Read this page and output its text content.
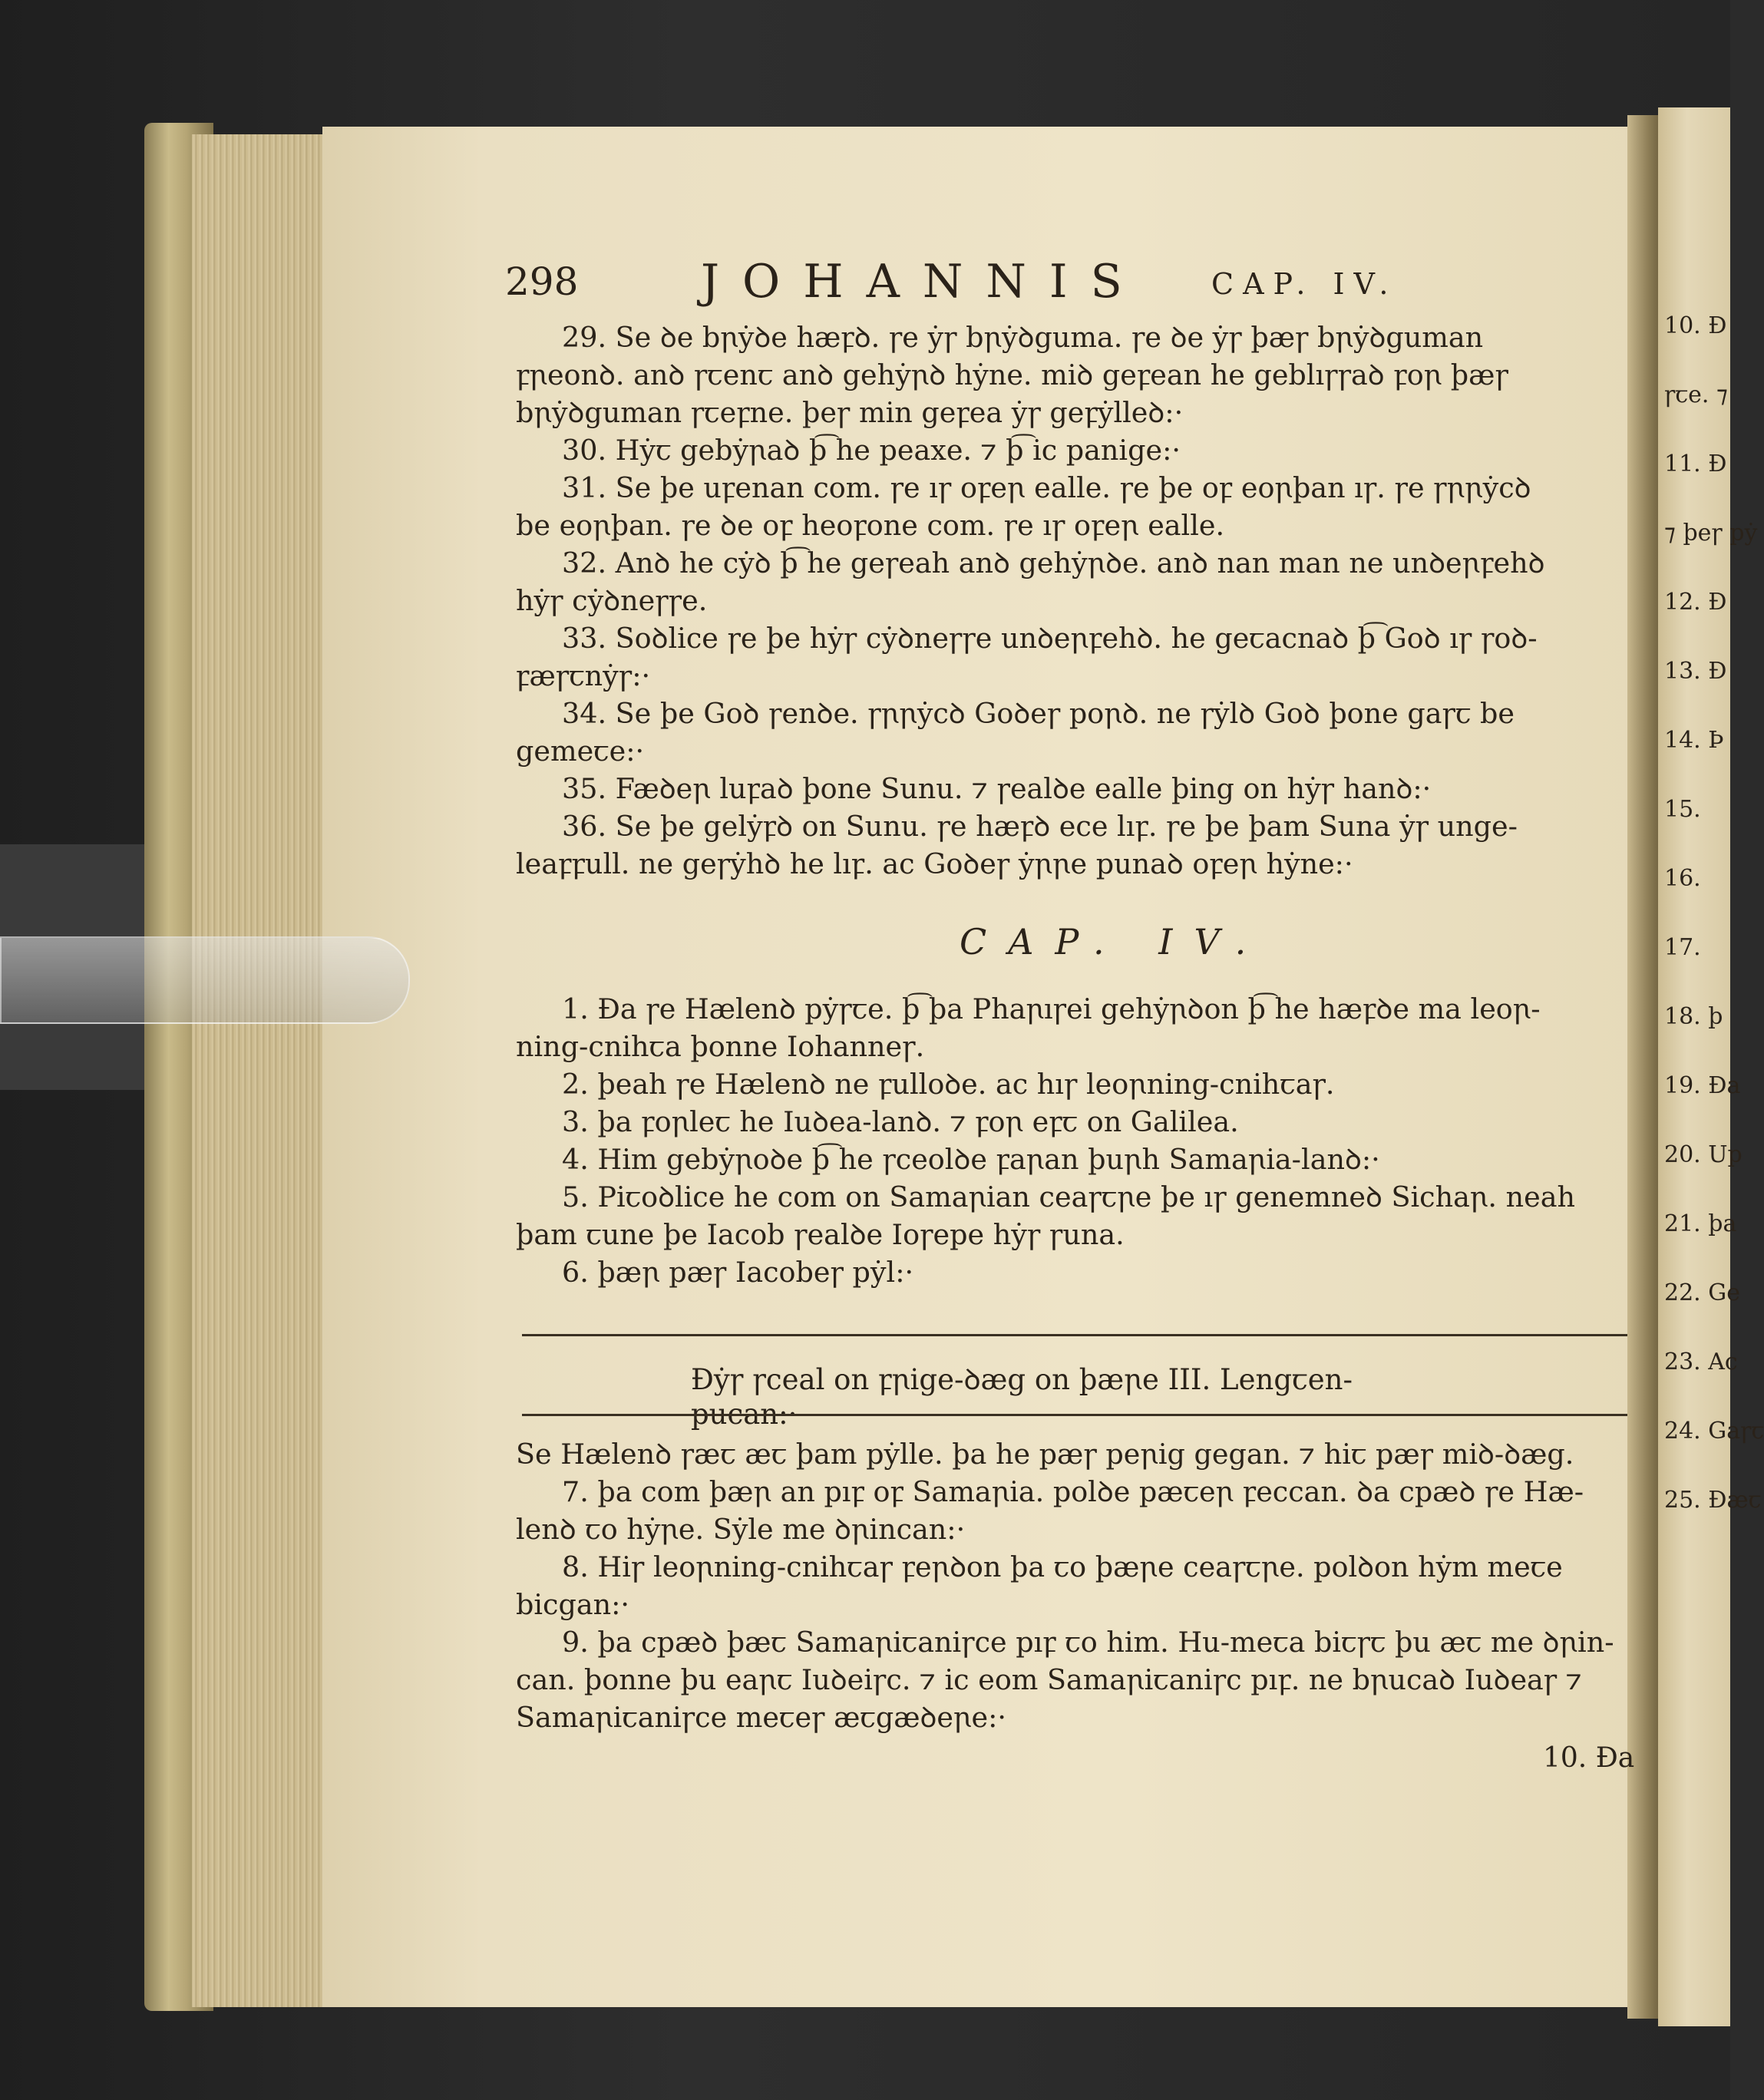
10. Ð
ꞅꞇe. ⁊
11. Ð
⁊ þeꞅ pẏ
12. Ð
13. Ð
14. Þ
15.
16.
17.
18. þ
19. Ða
20. Up
21. þa
22. Ge
23. Ac
24. Gaꞅꞇ
25. Ðæꞇ
298	JOHANNIS CAP. IV.

29. Se ꝺe bꞃẏꝺe hæꝼꝺ. ꞅe ẏꞅ bꞃẏꝺguma. ꞅe ꝺe ẏꞅ þæꞅ bꞃẏꝺguman

ꝼꞃeonꝺ. anꝺ ꞅꞇenꞇ anꝺ gehẏꞃꝺ hẏne. miꝺ geꝼean he geblıꞅꞅaꝺ ꝼoꞃ þæꞅ

bꞃẏꝺguman ꞅꞇeꝼne. þeꞅ min geꝼea ẏꞅ geꝼẏlleꝺ:·

30. Hẏꞇ gebẏꞃaꝺ þ͡ he peaxe. ⁊ þ͡ ic panige:·

31. Se þe uꝼenan com. ꞅe ıꞅ oꝼeꞃ ealle. ꞅe þe oꝼ eoꞃþan ıꞅ. ꞅe ꞅꞃꞃẏcꝺ

be eoꞃþan. ꞅe ꝺe oꝼ heoꝼone com. ꞅe ıꞅ oꝼeꞃ ealle.

32. Anꝺ he cẏꝺ þ͡ he geꞅeah anꝺ gehẏꞃꝺe. anꝺ nan man ne unꝺeꞃꝼehꝺ

hẏꞅ cẏꝺneꞅꞅe.

33. Soꝺlice ꞅe þe hẏꞅ cẏꝺneꞅꞅe unꝺeꞃꝼehꝺ. he geꞇacnaꝺ þ͡ Goꝺ ıꞅ ꞅoꝺ-

ꝼæꞅꞇnẏꞅ:·

34. Se þe Goꝺ ꞅenꝺe. ꞅꞃꞃẏcꝺ Goꝺeꞅ poꞃꝺ. ne ꞅẏlꝺ Goꝺ þone gaꞅꞇ be

gemeꞇe:·

35. Fæꝺeꞃ luꝼaꝺ þone Sunu. ⁊ ꞅealꝺe ealle þing on hẏꞅ hanꝺ:·

36. Se þe gelẏꝼꝺ on Sunu. ꞅe hæꝼꝺ ece lıꝼ. ꞅe þe þam Suna ẏꞅ unge-

leaꝼꝼull. ne geꞅẏhꝺ he lıꝼ. ac Goꝺeꞅ ẏꞃꞃe punaꝺ oꝼeꞃ hẏne:·

CAP. IV.

1. Ða ꞅe Hælenꝺ pẏꞅꞇe. þ͡ þa Phaꞃıꞅei gehẏꞃꝺon þ͡ he hæꝼꝺe ma leoꞃ-

ning-cnihꞇa þonne Iohanneꞅ.

2. þeah ꞅe Hælenꝺ ne ꝼulloꝺe. ac hıꞅ leoꞃning-cnihꞇaꞅ.

3. þa ꝼoꞃleꞇ he Iuꝺea-lanꝺ. ⁊ ꝼoꞃ eꝼꞇ on Galilea.

4. Him gebẏꞃoꝺe þ͡ he ꞅceolꝺe ꝼaꞃan þuꞃh Samaꞃia-lanꝺ:·

5. Piꞇoꝺlice he com on Samaꞃian ceaꞅꞇꞃe þe ıꞅ genemneꝺ Sichaꞃ. neah

þam ꞇune þe Iacob ꞅealꝺe Ioꞅepe hẏꞅ ꞅuna.

6. þæꞃ pæꞅ Iacobeꞅ pẏl:·

Ðẏꞅ ꞅceal on ꝼꞃige-ꝺæg on þæꞃe III. Lengꞇen-pucan:·

Se Hælenꝺ ꞅæꞇ æꞇ þam pẏlle. þa he pæꞅ peꞃig gegan. ⁊ hiꞇ pæꞅ miꝺ-ꝺæg.

7. þa com þæꞃ an pıꝼ oꝼ Samaꞃia. polꝺe pæꞇeꞃ ꝼeccan. ꝺa cpæꝺ ꞅe Hæ-

lenꝺ ꞇo hẏꞃe. Sẏle me ꝺꞃincan:·

8. Hiꞅ leoꞃning-cnihꞇaꞅ ꝼeꞃꝺon þa ꞇo þæꞃe ceaꞅꞇꞃe. polꝺon hẏm meꞇe

bicgan:·

9. þa cpæꝺ þæꞇ Samaꞃiꞇaniꞅce pıꝼ ꞇo him. Hu-meꞇa biꞇꞅꞇ þu æꞇ me ꝺꞃin-

can. þonne þu eaꞃꞇ Iuꝺeiꞅc. ⁊ ic eom Samaꞃiꞇaniꞅc pıꝼ. ne bꞃucaꝺ Iuꝺeaꞅ ⁊

Samaꞃiꞇaniꞅce meꞇeꞅ æꞇgæꝺeꞃe:·

10. Ða
